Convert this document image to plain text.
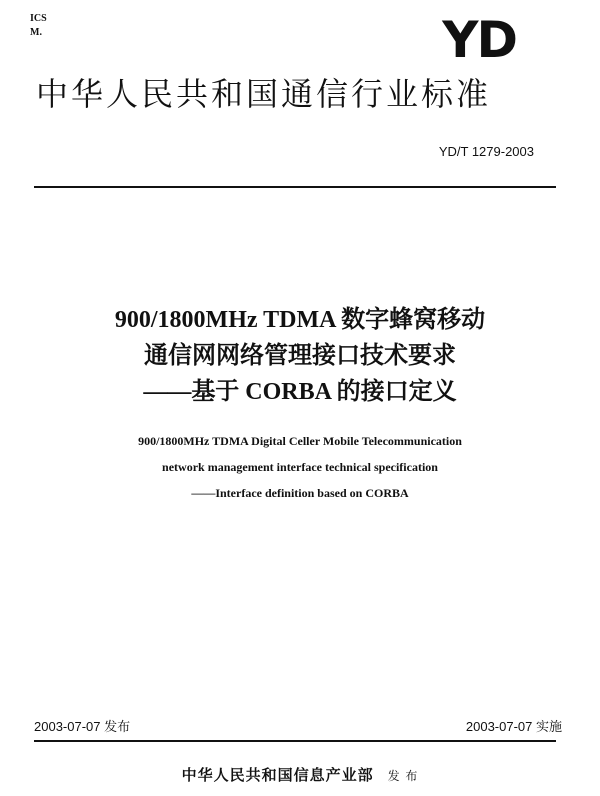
ICS
M.	YD
中华人民共和国通信行业标准
YD/T 1279-2003
900/1800MHz TDMA 数字蜂窝移动
通信网网络管理接口技术要求
——基于 CORBA 的接口定义
900/1800MHz TDMA Digital Celler Mobile Telecommunication
network management interface technical specification
——Interface definition based on CORBA
2003-07-07 发布	2003-07-07 实施
中华人民共和国信息产业部 发 布
